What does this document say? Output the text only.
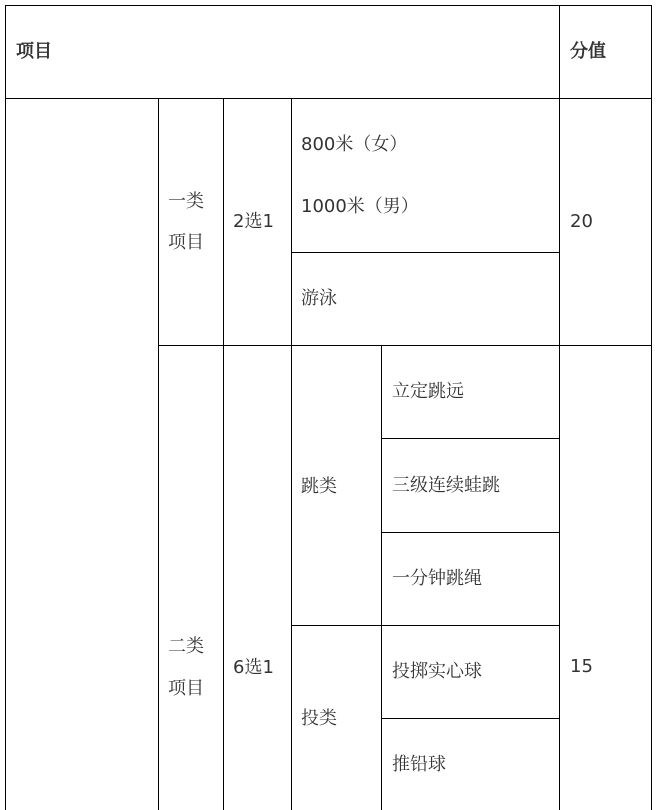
项目	分值
一类
项目
2选1
800米（女）
1000米（男）
游泳
20
二类
项目
6选1
跳类
投类
立定跳远
三级连续蛙跳
一分钟跳绳
投掷实心球
推铅球
15
